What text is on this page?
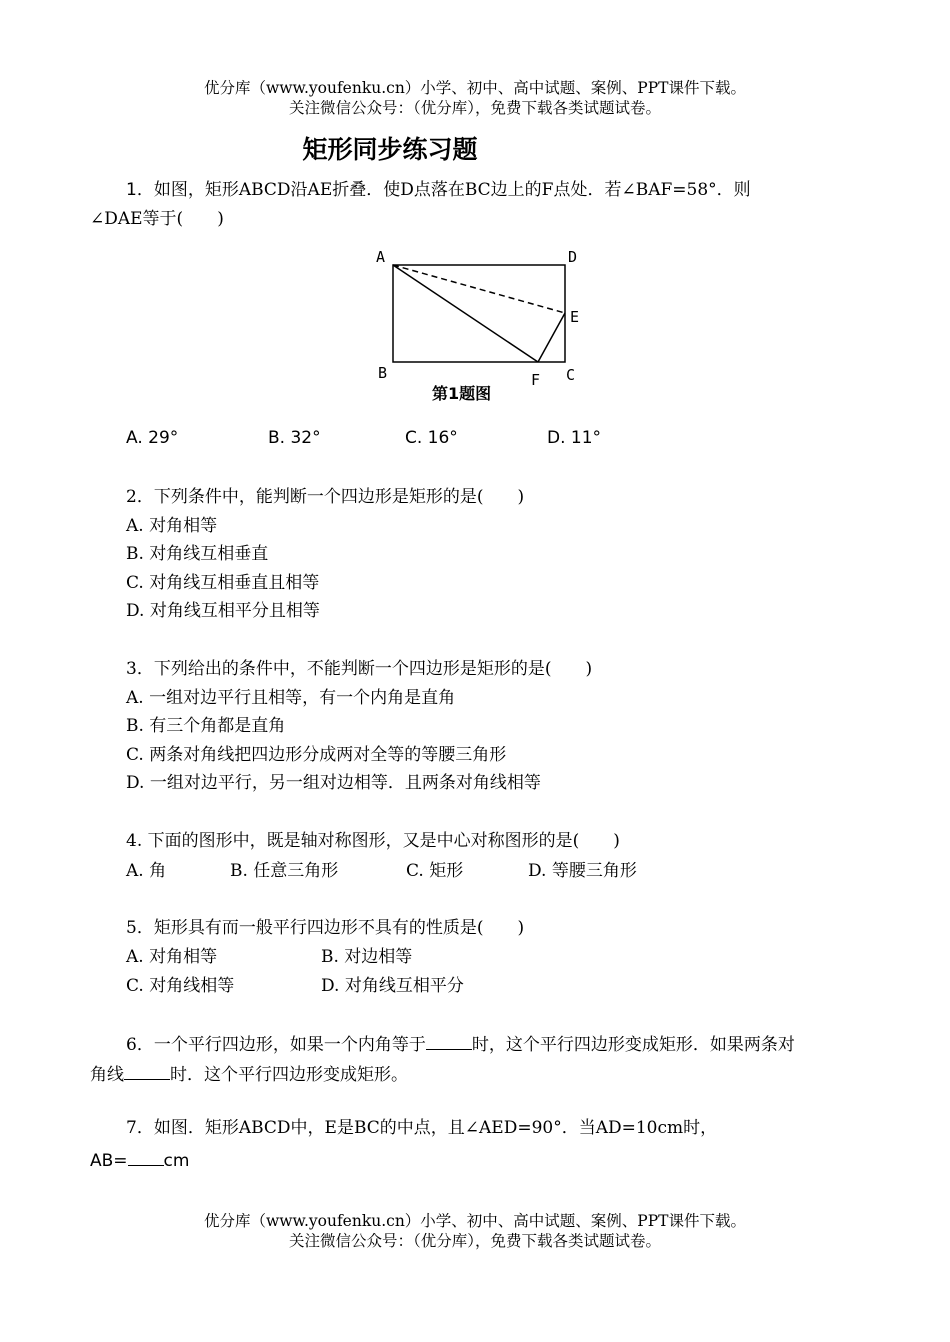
优分库（www.youfenku.cn）小学、初中、高中试题、案例、PPT课件下载。
关注微信公众号：（优分库），免费下载各类试题试卷。
矩形同步练习题
1．如图，矩形ABCD沿AE折叠．使D点落在BC边上的F点处．若∠BAF=58°．则
∠DAE等于(　　)
A	D
E
B	C
F
第1题图
A. 29°	B. 32°	C. 16°	D. 11°
2．下列条件中，能判断一个四边形是矩形的是(　　)
A. 对角相等
B. 对角线互相垂直
C. 对角线互相垂直且相等
D. 对角线互相平分且相等
3．下列给出的条件中，不能判断一个四边形是矩形的是(　　)
A. 一组对边平行且相等，有一个内角是直角
B. 有三个角都是直角
C. 两条对角线把四边形分成两对全等的等腰三角形
D. 一组对边平行，另一组对边相等．且两条对角线相等
4. 下面的图形中，既是轴对称图形，又是中心对称图形的是(　　)
A. 角	B. 任意三角形	C. 矩形	D. 等腰三角形
5．矩形具有而一般平行四边形不具有的性质是(　　)
A. 对角相等	B. 对边相等
C. 对角线相等	D. 对角线互相平分
6．一个平行四边形，如果一个内角等于	时，这个平行四边形变成矩形．如果两条对
角线	时．这个平行四边形变成矩形。
7．如图．矩形ABCD中，E是BC的中点，且∠AED=90°．当AD=10cm时，
AB= cm
优分库（www.youfenku.cn）小学、初中、高中试题、案例、PPT课件下载。
关注微信公众号：（优分库），免费下载各类试题试卷。
